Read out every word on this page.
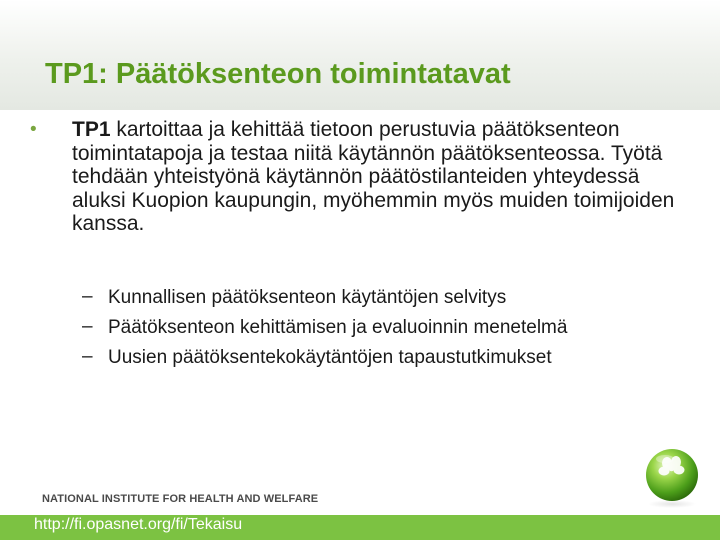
TP1: Päätöksenteon toimintatavat
• TP1 kartoittaa ja kehittää tietoon perustuvia päätöksenteon toimintatapoja ja testaa niitä käytännön päätöksenteossa. Työtä tehdään yhteistyönä käytännön päätöstilanteiden yhteydessä aluksi Kuopion kaupungin, myöhemmin myös muiden toimijoiden kanssa.

– Kunnallisen päätöksenteon käytäntöjen selvitys

– Päätöksenteon kehittämisen ja evaluoinnin menetelmä

– Uusien päätöksentekokäytäntöjen tapaustutkimukset

NATIONAL INSTITUTE FOR HEALTH AND WELFARE
http://fi.opasnet.org/fi/Tekaisu
